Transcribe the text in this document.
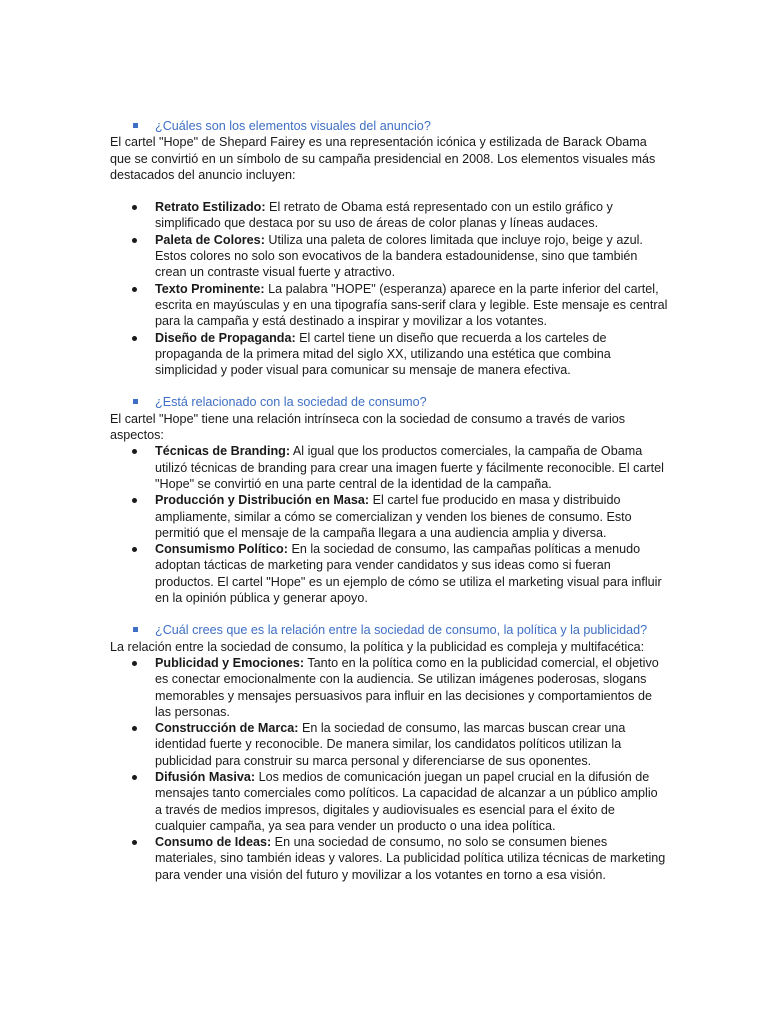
¿Cuáles son los elementos visuales del anuncio?

El cartel "Hope" de Shepard Fairey es una representación icónica y estilizada de Barack Obama que se convirtió en un símbolo de su campaña presidencial en 2008. Los elementos visuales más destacados del anuncio incluyen:

Retrato Estilizado: El retrato de Obama está representado con un estilo gráfico y simplificado que destaca por su uso de áreas de color planas y líneas audaces.
Paleta de Colores: Utiliza una paleta de colores limitada que incluye rojo, beige y azul. Estos colores no solo son evocativos de la bandera estadounidense, sino que también crean un contraste visual fuerte y atractivo.
Texto Prominente: La palabra "HOPE" (esperanza) aparece en la parte inferior del cartel, escrita en mayúsculas y en una tipografía sans-serif clara y legible. Este mensaje es central para la campaña y está destinado a inspirar y movilizar a los votantes.
Diseño de Propaganda: El cartel tiene un diseño que recuerda a los carteles de propaganda de la primera mitad del siglo XX, utilizando una estética que combina simplicidad y poder visual para comunicar su mensaje de manera efectiva.
¿Está relacionado con la sociedad de consumo?

El cartel "Hope" tiene una relación intrínseca con la sociedad de consumo a través de varios aspectos:

Técnicas de Branding: Al igual que los productos comerciales, la campaña de Obama utilizó técnicas de branding para crear una imagen fuerte y fácilmente reconocible. El cartel "Hope" se convirtió en una parte central de la identidad de la campaña.
Producción y Distribución en Masa: El cartel fue producido en masa y distribuido ampliamente, similar a cómo se comercializan y venden los bienes de consumo. Esto permitió que el mensaje de la campaña llegara a una audiencia amplia y diversa.
Consumismo Político: En la sociedad de consumo, las campañas políticas a menudo adoptan tácticas de marketing para vender candidatos y sus ideas como si fueran productos. El cartel "Hope" es un ejemplo de cómo se utiliza el marketing visual para influir en la opinión pública y generar apoyo.
¿Cuál crees que es la relación entre la sociedad de consumo, la política y la publicidad?

La relación entre la sociedad de consumo, la política y la publicidad es compleja y multifacética:

Publicidad y Emociones: Tanto en la política como en la publicidad comercial, el objetivo es conectar emocionalmente con la audiencia. Se utilizan imágenes poderosas, slogans memorables y mensajes persuasivos para influir en las decisiones y comportamientos de las personas.
Construcción de Marca: En la sociedad de consumo, las marcas buscan crear una identidad fuerte y reconocible. De manera similar, los candidatos políticos utilizan la publicidad para construir su marca personal y diferenciarse de sus oponentes.
Difusión Masiva: Los medios de comunicación juegan un papel crucial en la difusión de mensajes tanto comerciales como políticos. La capacidad de alcanzar a un público amplio a través de medios impresos, digitales y audiovisuales es esencial para el éxito de cualquier campaña, ya sea para vender un producto o una idea política.
Consumo de Ideas: En una sociedad de consumo, no solo se consumen bienes materiales, sino también ideas y valores. La publicidad política utiliza técnicas de marketing para vender una visión del futuro y movilizar a los votantes en torno a esa visión.
